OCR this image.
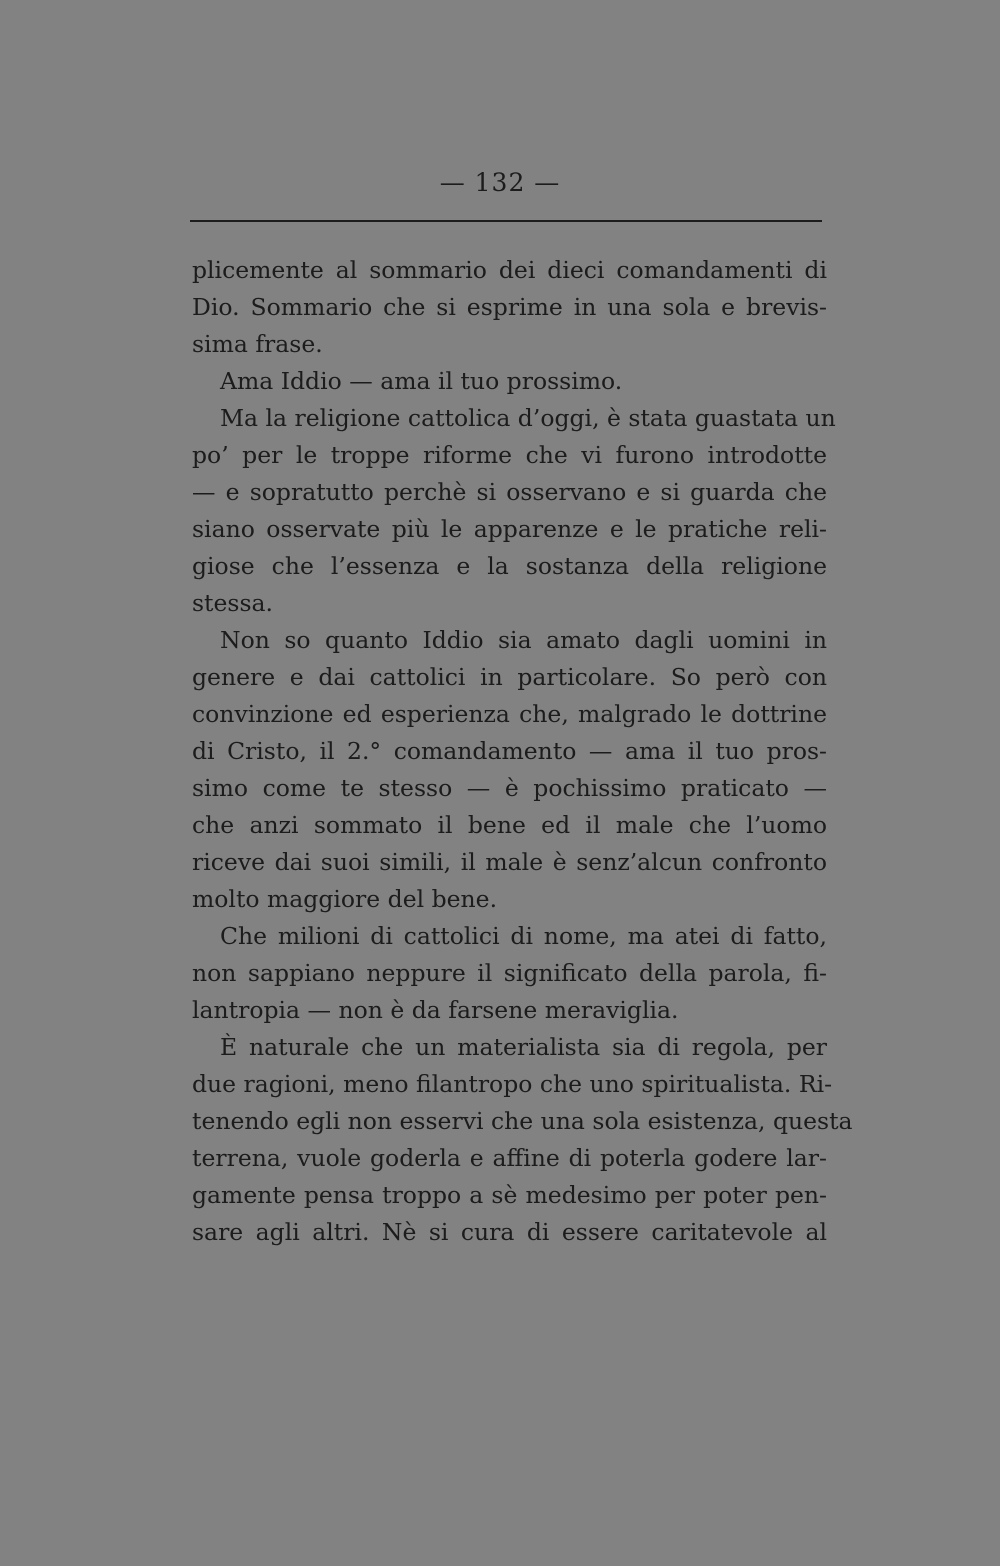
— 132 —
plicemente al sommario dei dieci comandamenti di
Dio. Sommario che si esprime in una sola e brevis-
sima frase.
Ama Iddio — ama il tuo prossimo.
Ma la religione cattolica d’oggi, è stata guastata un
po’ per le troppe riforme che vi furono introdotte
— e sopratutto perchè si osservano e si guarda che
siano osservate più le apparenze e le pratiche reli-
giose che l’essenza e la sostanza della religione
stessa.
Non so quanto Iddio sia amato dagli uomini in
genere e dai cattolici in particolare. So però con
convinzione ed esperienza che, malgrado le dottrine
di Cristo, il 2.° comandamento — ama il tuo pros-
simo come te stesso — è pochissimo praticato —
che anzi sommato il bene ed il male che l’uomo
riceve dai suoi simili, il male è senz’alcun confronto
molto maggiore del bene.
Che milioni di cattolici di nome, ma atei di fatto,
non sappiano neppure il significato della parola, fi-
lantropia — non è da farsene meraviglia.
È naturale che un materialista sia di regola, per
due ragioni, meno filantropo che uno spiritualista. Ri-
tenendo egli non esservi che una sola esistenza, questa
terrena, vuole goderla e affine di poterla godere lar-
gamente pensa troppo a sè medesimo per poter pen-
sare agli altri. Nè si cura di essere caritatevole al
